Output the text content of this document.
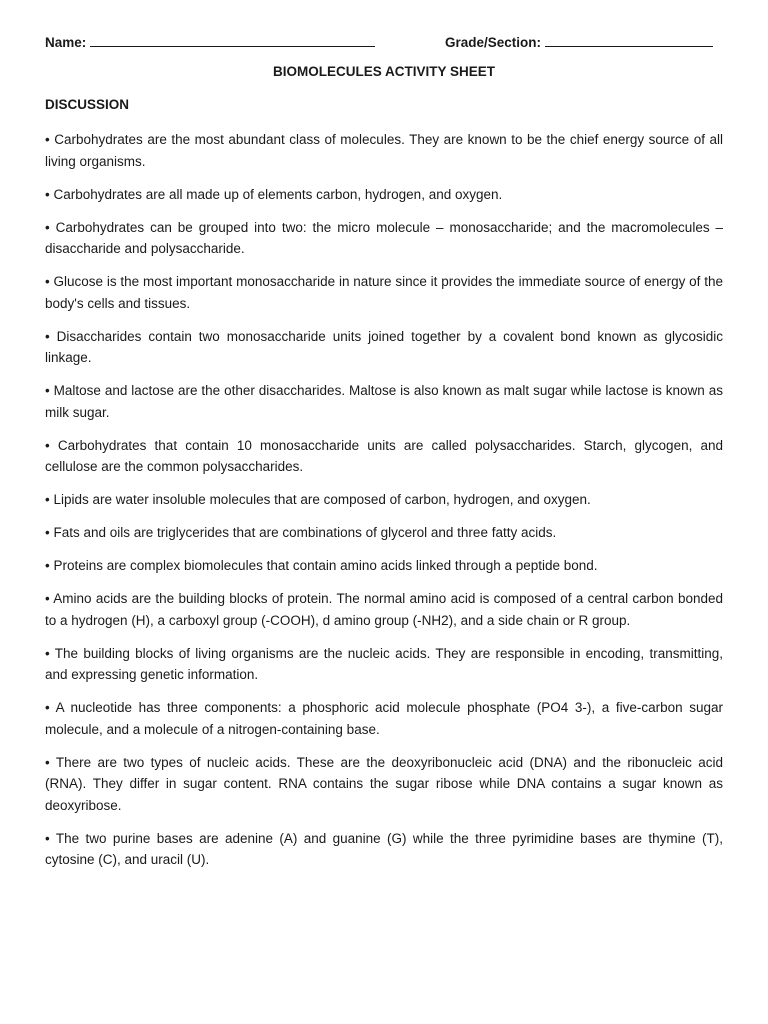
Name:	Grade/Section:
BIOMOLECULES ACTIVITY SHEET
DISCUSSION
• Carbohydrates are the most abundant class of molecules. They are known to be the chief energy source of all living organisms.
• Carbohydrates are all made up of elements carbon, hydrogen, and oxygen.
• Carbohydrates can be grouped into two: the micro molecule – monosaccharide; and the macromolecules – disaccharide and polysaccharide.
• Glucose is the most important monosaccharide in nature since it provides the immediate source of energy of the body's cells and tissues.
• Disaccharides contain two monosaccharide units joined together by a covalent bond known as glycosidic linkage.
• Maltose and lactose are the other disaccharides. Maltose is also known as malt sugar while lactose is known as milk sugar.
• Carbohydrates that contain 10 monosaccharide units are called polysaccharides. Starch, glycogen, and cellulose are the common polysaccharides.
• Lipids are water insoluble molecules that are composed of carbon, hydrogen, and oxygen.
• Fats and oils are triglycerides that are combinations of glycerol and three fatty acids.
• Proteins are complex biomolecules that contain amino acids linked through a peptide bond.
• Amino acids are the building blocks of protein. The normal amino acid is composed of a central carbon bonded to a hydrogen (H), a carboxyl group (-COOH), d amino group (-NH2), and a side chain or R group.
• The building blocks of living organisms are the nucleic acids. They are responsible in encoding, transmitting, and expressing genetic information.
• A nucleotide has three components: a phosphoric acid molecule phosphate (PO4 3-), a five-carbon sugar molecule, and a molecule of a nitrogen-containing base.
• There are two types of nucleic acids. These are the deoxyribonucleic acid (DNA) and the ribonucleic acid (RNA). They differ in sugar content. RNA contains the sugar ribose while DNA contains a sugar known as deoxyribose.
• The two purine bases are adenine (A) and guanine (G) while the three pyrimidine bases are thymine (T), cytosine (C), and uracil (U).
